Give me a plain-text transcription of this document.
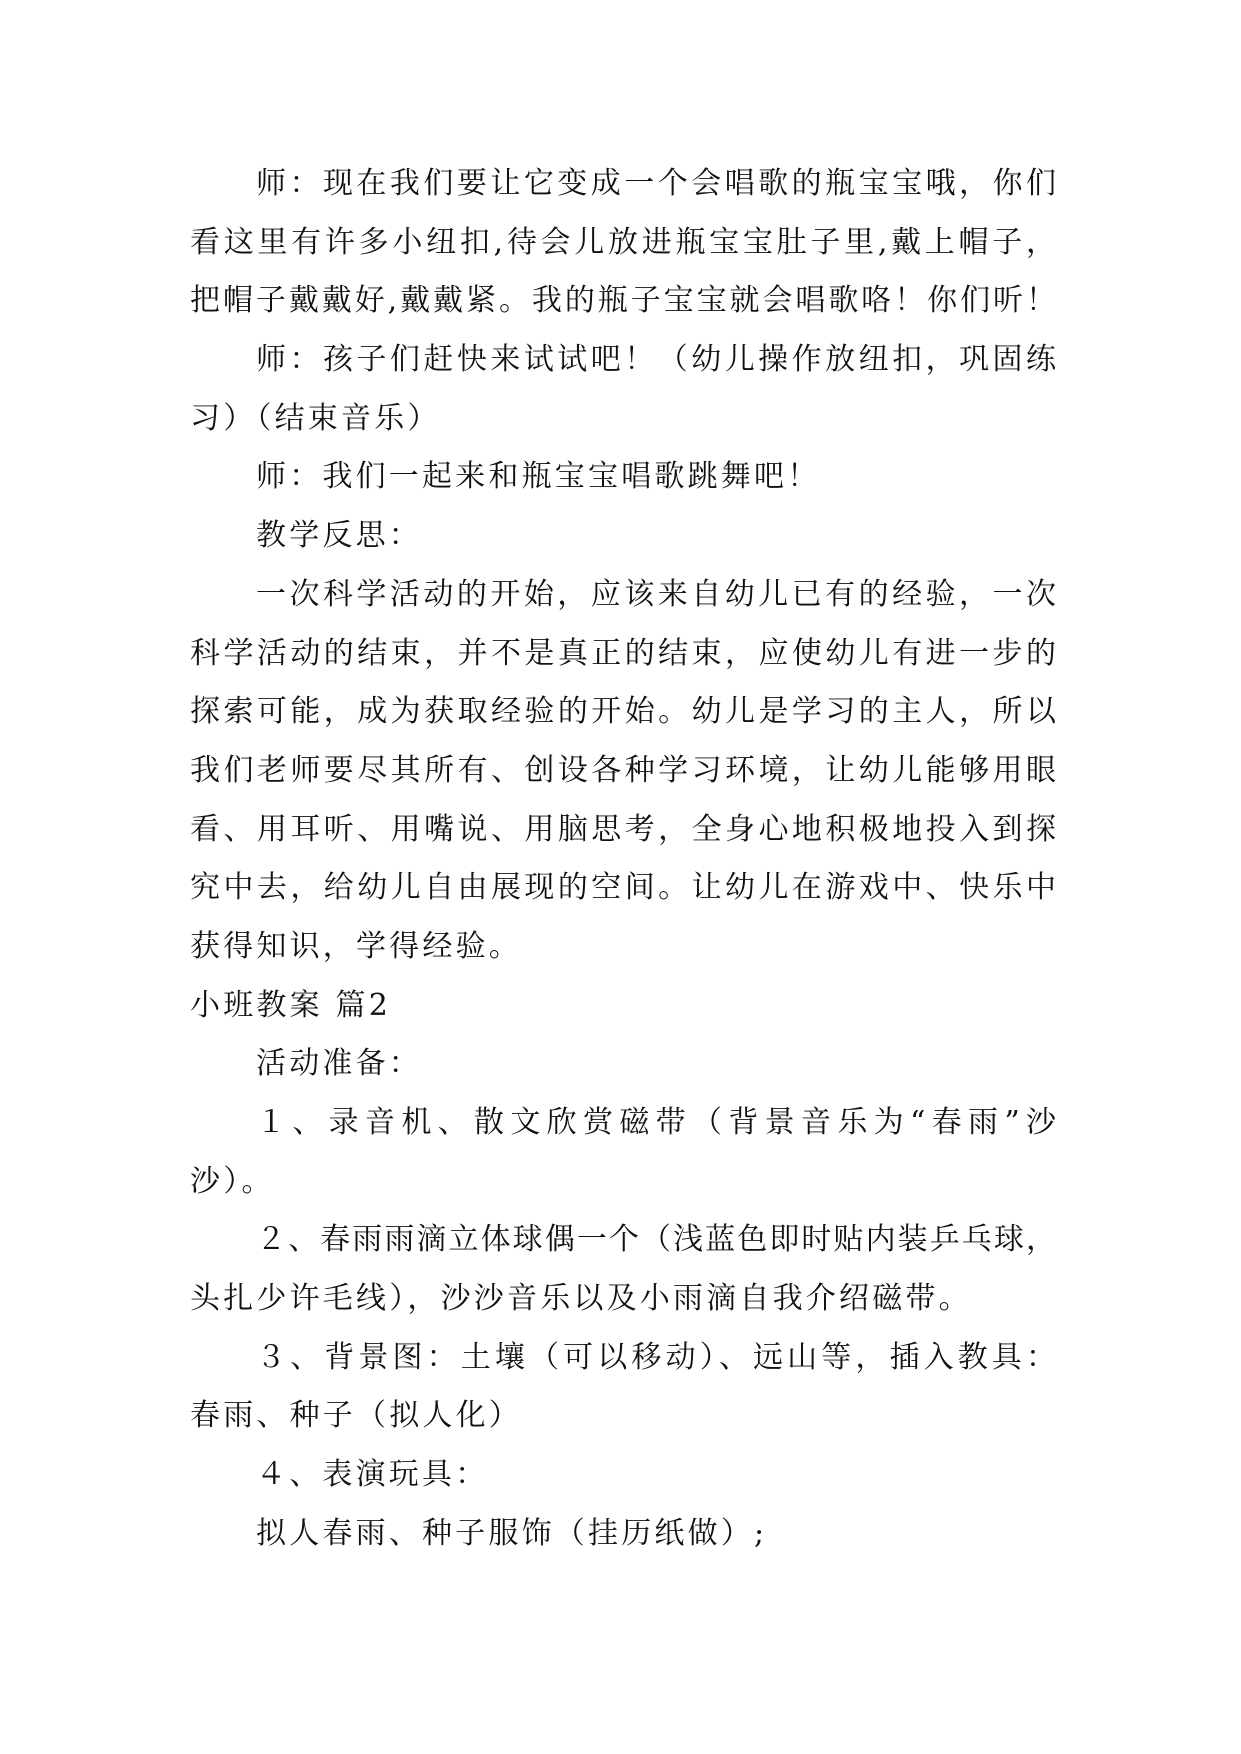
师：现在我们要让它变成一个会唱歌的瓶宝宝哦，你们
看这里有许多小纽扣,待会儿放进瓶宝宝肚子里,戴上帽子，
把帽子戴戴好,戴戴紧。我的瓶子宝宝就会唱歌咯！你们听！
师：孩子们赶快来试试吧！（幼儿操作放纽扣，巩固练
习）（结束音乐）
师：我们一起来和瓶宝宝唱歌跳舞吧！
教学反思：
一次科学活动的开始，应该来自幼儿已有的经验，一次
科学活动的结束，并不是真正的结束，应使幼儿有进一步的
探索可能，成为获取经验的开始。幼儿是学习的主人，所以
我们老师要尽其所有、创设各种学习环境，让幼儿能够用眼
看、用耳听、用嘴说、用脑思考，全身心地积极地投入到探
究中去，给幼儿自由展现的空间。让幼儿在游戏中、快乐中
获得知识，学得经验。
小班教案 篇2
活动准备：
１、录音机、散文欣赏磁带（背景音乐为“春雨”沙
沙）。
２、春雨雨滴立体球偶一个（浅蓝色即时贴内装乒乓球，
头扎少许毛线），沙沙音乐以及小雨滴自我介绍磁带。
３、背景图：土壤（可以移动）、远山等，插入教具：
春雨、种子（拟人化）
４、表演玩具：
拟人春雨、种子服饰（挂历纸做）;
